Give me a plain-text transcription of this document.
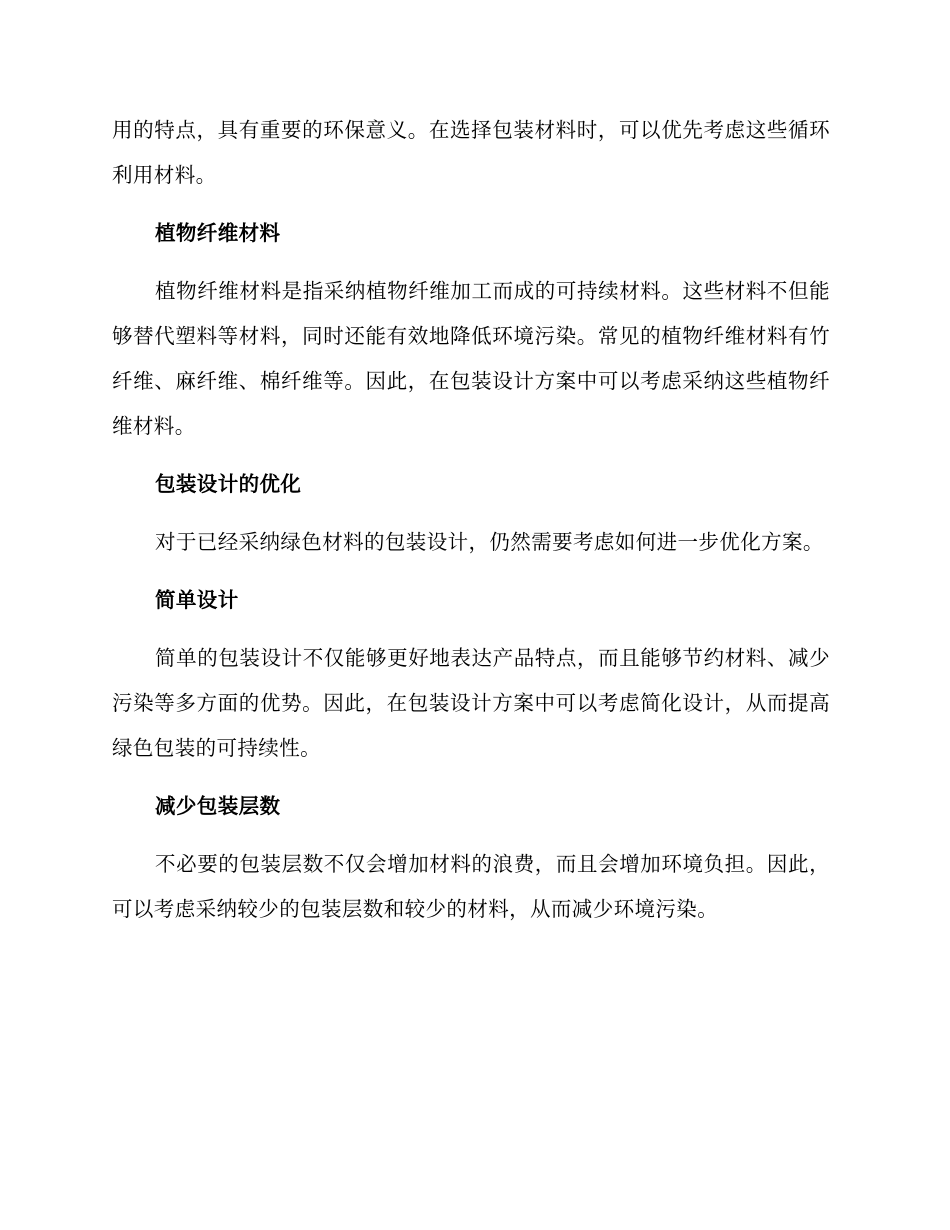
用的特点，具有重要的环保意义。在选择包装材料时，可以优先考虑这些循环利用材料。

植物纤维材料

植物纤维材料是指采纳植物纤维加工而成的可持续材料。这些材料不但能够替代塑料等材料，同时还能有效地降低环境污染。常见的植物纤维材料有竹纤维、麻纤维、棉纤维等。因此，在包装设计方案中可以考虑采纳这些植物纤维材料。

包装设计的优化

对于已经采纳绿色材料的包装设计，仍然需要考虑如何进一步优化方案。

简单设计

简单的包装设计不仅能够更好地表达产品特点，而且能够节约材料、减少污染等多方面的优势。因此，在包装设计方案中可以考虑简化设计，从而提高绿色包装的可持续性。

减少包装层数

不必要的包装层数不仅会增加材料的浪费，而且会增加环境负担。因此，可以考虑采纳较少的包装层数和较少的材料，从而减少环境污染。
